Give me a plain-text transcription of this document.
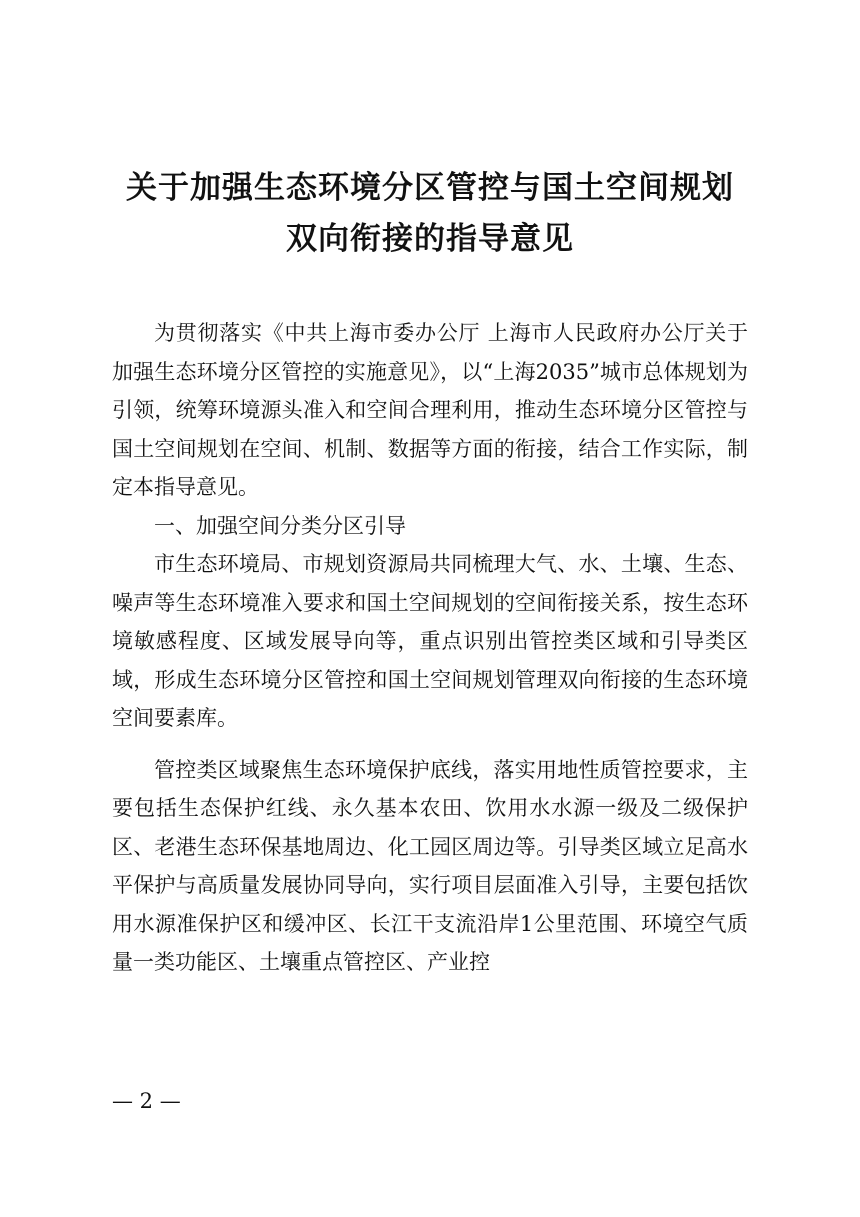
关于加强生态环境分区管控与国土空间规划
双向衔接的指导意见

为贯彻落实《中共上海市委办公厅 上海市人民政府办公厅关于加强生态环境分区管控的实施意见》，以“上海2035”城市总体规划为引领，统筹环境源头准入和空间合理利用，推动生态环境分区管控与国土空间规划在空间、机制、数据等方面的衔接，结合工作实际，制定本指导意见。

一、加强空间分类分区引导

市生态环境局、市规划资源局共同梳理大气、水、土壤、生态、噪声等生态环境准入要求和国土空间规划的空间衔接关系，按生态环境敏感程度、区域发展导向等，重点识别出管控类区域和引导类区域，形成生态环境分区管控和国土空间规划管理双向衔接的生态环境空间要素库。

管控类区域聚焦生态环境保护底线，落实用地性质管控要求，主要包括生态保护红线、永久基本农田、饮用水水源一级及二级保护区、老港生态环保基地周边、化工园区周边等。引导类区域立足高水平保护与高质量发展协同导向，实行项目层面准入引导，主要包括饮用水源准保护区和缓冲区、长江干支流沿岸1公里范围、环境空气质量一类功能区、土壤重点管控区、产业控

— 2 —
